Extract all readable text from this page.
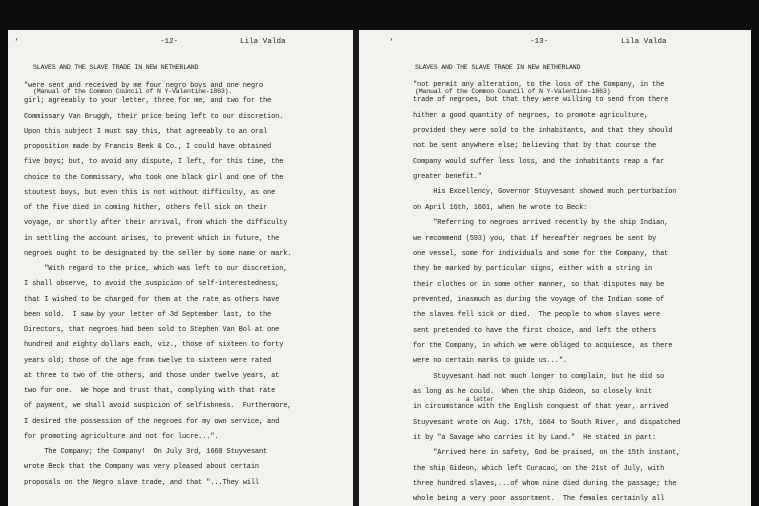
‘	-12-	Lila Valda

SLAVES AND THE SLAVE TRADE IN NEW NETHERLAND

(Manual of the Common Council of N Y-Valentine-1863).

"were sent and received by me four negro boys and one negro
girl; agreeably to your letter, three for me, and two for the
Commissary Van Bruggh, their price being left to our discretion.
Upon this subject I must say this, that agreeably to an oral
proposition made by Francis Beek & Co., I could have obtained
five boys; but, to avoid any dispute, I left, for this time, the
choice to the Commissary, who took one black girl and one of the
stoutest boys, but even this is not without difficulty, as one
of the five died in coming hither, others fell sick on their
voyage, or shortly after their arrival, from which the difficulty
in settling the account arises, to prevent which in future, the
negroes ought to be designated by the seller by some name or mark.
"With regard to the price, which was left to our discretion,
I shall observe, to avoid the suspicion of self-interestedness,
that I wished to be charged for them at the rate as others have
been sold.  I saw by your letter of 3d September last, to the
Directors, that negroes had been sold to Stephen Van Bol at one
hundred and eighty dollars each, viz., those of sixteen to forty
years old; those of the age from twelve to sixteen were rated
at three to two of the others, and those under twelve years, at
two for one.  We hope and trust that, complying with that rate
of payment, we shall avoid suspicion of selfishness.  Furthermore,
I desired the possession of the negroes for my own service, and
for promoting agriculture and not for lucre...".
The Company; the Company!  On July 3rd, 1660 Stuyvesant
wrote Beck that the Company was very pleased about certain
proposals on the Negro slave trade, and that "...They will
‘	-13-	Lila Valda

SLAVES AND THE SLAVE TRADE IN NEW NETHERLAND

(Manual of the Common Council of N Y-Valentine-1863)

a letter
"not permit any alteration, to the loss of the Company, in the
trade of negroes, but that they were willing to send from there
hither a good quantity of negroes, to promote agriculture,
provided they were sold to the inhabitants, and that they should
not be sent anywhere else; believing that by that course the
Company would suffer less loss, and the inhabitants reap a far
greater benefit."
His Excellency, Governor Stuyvesant showed much perturbation
on April 16th, 1661, when he wrote to Beck:
"Referring to negroes arrived recently by the ship Indian,
we recommend (593) you, that if hereafter negroes be sent by
one vessel, some for individuals and some for the Company, that
they be marked by particular signs, either with a string in
their clothes or in some other manner, so that disputes may be
prevented, inasmuch as during the voyage of the Indian some of
the slaves fell sick or died.  The people to whom slaves were
sent pretended to have the first choice, and left the others
for the Company, in which we were obliged to acquiesce, as there
were no certain marks to guide us...".
Stuyvesant had not much longer to complain, but he did so
as long as he could.  When the ship Gideon, so closely knit
in circumstance with the English conquest of that year, arrived
Stuyvesant wrote on Aug. 17th, 1664 to South River, and dispatched
it by "a Savage who carries it by Land."  He stated in part:
"Arrived here in safety, God be praised, on the 15th instant,
the ship Gideon, which left Curacao, on the 21st of July, with
three hundred slaves,...of whom nine died during the passage; the
whole being a very poor assortment.  The females certainly all
